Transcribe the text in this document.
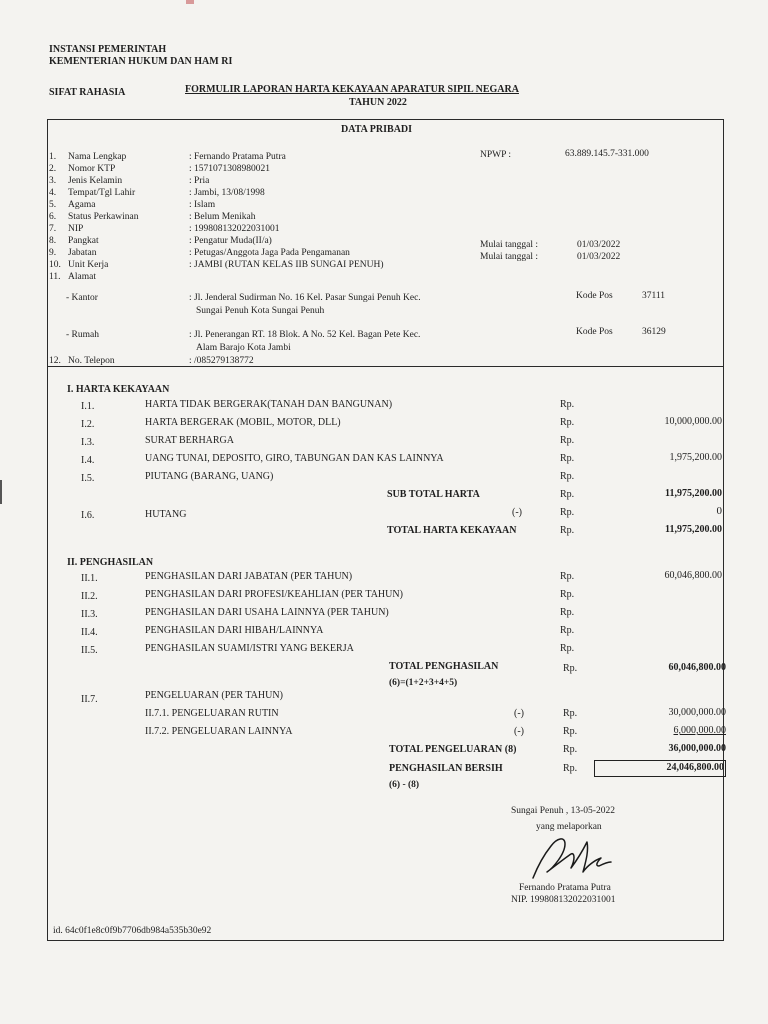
INSTANSI PEMERINTAH
KEMENTERIAN HUKUM DAN HAM RI
SIFAT RAHASIA	FORMULIR LAPORAN HARTA KEKAYAAN APARATUR SIPIL NEGARA
TAHUN 2022
DATA PRIBADI
1. Nama Lengkap	: Fernando Pratama Putra
2. Nomor KTP	: 1571071308980021
3. Jenis Kelamin	: Pria
4. Tempat/Tgl Lahir	: Jambi, 13/08/1998
5. Agama	: Islam
6. Status Perkawinan	: Belum Menikah
7. NIP	: 199808132022031001
8. Pangkat	: Pengatur Muda(II/a)
9. Jabatan	: Petugas/Anggota Jaga Pada Pengamanan
10. Unit Kerja	: JAMBI (RUTAN KELAS IIB SUNGAI PENUH)
11. Alamat
NPWP :	63.889.145.7-331.000
Mulai tanggal :	01/03/2022
Mulai tanggal :	01/03/2022
- Kantor	: Jl. Jenderal Sudirman No. 16 Kel. Pasar Sungai Penuh Kec.
Sungai Penuh Kota Sungai Penuh
Kode Pos	37111
- Rumah	: Jl. Penerangan RT. 18 Blok. A No. 52 Kel. Bagan Pete Kec.
Alam Barajo Kota Jambi
Kode Pos	36129
12. No. Telepon	: /085279138772
I. HARTA KEKAYAAN
I.1.	HARTA TIDAK BERGERAK(TANAH DAN BANGUNAN)	Rp.
I.2.	HARTA BERGERAK (MOBIL, MOTOR, DLL)	Rp.	10,000,000.00
I.3.	SURAT BERHARGA	Rp.
I.4.	UANG TUNAI, DEPOSITO, GIRO, TABUNGAN DAN KAS LAINNYA	Rp.	1,975,200.00
I.5.	PIUTANG (BARANG, UANG)	Rp.
SUB TOTAL HARTA	Rp.	11,975,200.00
I.6.	HUTANG	(-)	Rp.	0
TOTAL HARTA KEKAYAAN	Rp.	11,975,200.00
II. PENGHASILAN
II.1.	PENGHASILAN DARI JABATAN (PER TAHUN)	Rp.	60,046,800.00
II.2.	PENGHASILAN DARI PROFESI/KEAHLIAN (PER TAHUN)	Rp.
II.3.	PENGHASILAN DARI USAHA LAINNYA (PER TAHUN)	Rp.
II.4.	PENGHASILAN DARI HIBAH/LAINNYA	Rp.
II.5.	PENGHASILAN SUAMI/ISTRI YANG BEKERJA	Rp.
TOTAL PENGHASILAN
(6)=(1+2+3+4+5)
Rp.	60,046,800.00
II.7.	PENGELUARAN (PER TAHUN)
II.7.1. PENGELUARAN RUTIN	(-)	Rp.	30,000,000.00
II.7.2. PENGELUARAN LAINNYA	(-)	Rp.	6,000,000.00
TOTAL PENGELUARAN (8)	Rp.	36,000,000.00
PENGHASILAN BERSIH
(6) - (8)
Rp.	24,046,800.00
Sungai Penuh , 13-05-2022
yang melaporkan
Fernando Pratama Putra
NIP. 199808132022031001
id. 64c0f1e8c0f9b7706db984a535b30e92
